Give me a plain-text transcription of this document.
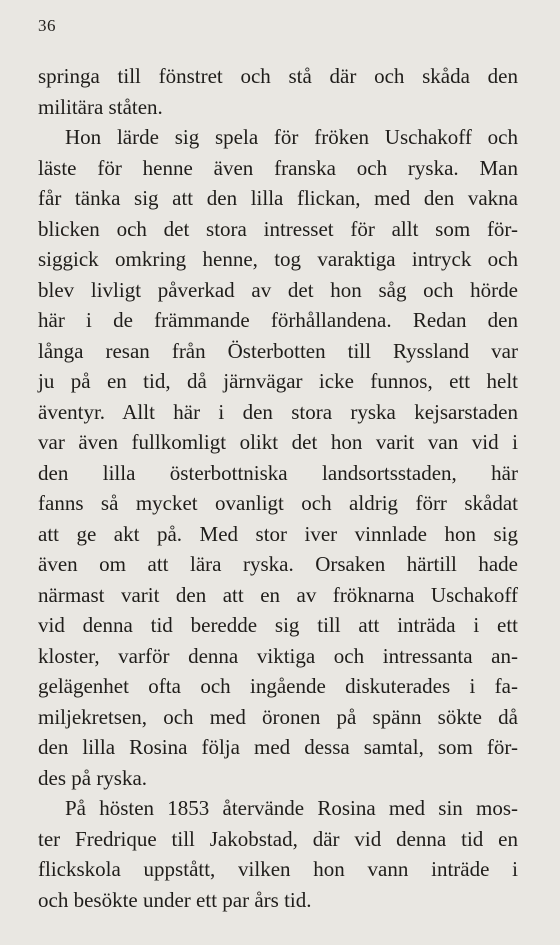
36
springa till fönstret och stå där och skåda den
militära ståten.
Hon lärde sig spela för fröken Uschakoff och
läste för henne även franska och ryska. Man
får tänka sig att den lilla flickan, med den vakna
blicken och det stora intresset för allt som för-
siggick omkring henne, tog varaktiga intryck och
blev livligt påverkad av det hon såg och hörde
här i de främmande förhållandena. Redan den
långa resan från Österbotten till Ryssland var
ju på en tid, då järnvägar icke funnos, ett helt
äventyr. Allt här i den stora ryska kejsarstaden
var även fullkomligt olikt det hon varit van vid i
den lilla österbottniska landsortsstaden, här
fanns så mycket ovanligt och aldrig förr skådat
att ge akt på. Med stor iver vinnlade hon sig
även om att lära ryska. Orsaken härtill hade
närmast varit den att en av fröknarna Uschakoff
vid denna tid beredde sig till att inträda i ett
kloster, varför denna viktiga och intressanta an-
gelägenhet ofta och ingående diskuterades i fa-
miljekretsen, och med öronen på spänn sökte då
den lilla Rosina följa med dessa samtal, som för-
des på ryska.
På hösten 1853 återvände Rosina med sin mos-
ter Fredrique till Jakobstad, där vid denna tid en
flickskola uppstått, vilken hon vann inträde i
och besökte under ett par års tid.
